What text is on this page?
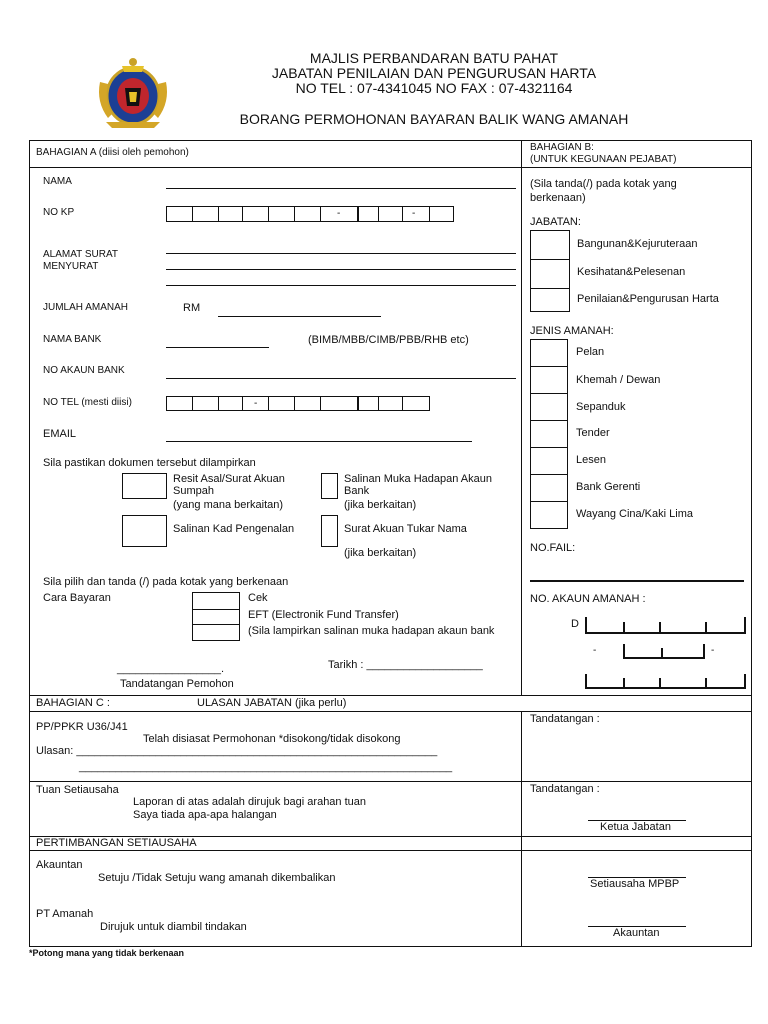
MAJLIS PERBANDARAN BATU PAHAT
JABATAN PENILAIAN DAN PENGURUSAN HARTA
NO TEL : 07-4341045 NO FAX : 07-4321164
BORANG PERMOHONAN BAYARAN BALIK WANG AMANAH
BAHAGIAN A (diisi oleh pemohon)
NAMA
NO KP	-	-
ALAMAT SURAT
MENYURAT
JUMLAH AMANAH	RM
NAMA BANK	(BIMB/MBB/CIMB/PBB/RHB etc)
NO AKAUN BANK
NO TEL (mesti diisi)	-
EMAIL
Sila pastikan dokumen tersebut dilampirkan
Resit Asal/Surat Akuan
Sumpah
(yang mana berkaitan)
Salinan Muka Hadapan Akaun
Bank
(jika berkaitan)
Salinan Kad Pengenalan	Surat Akuan Tukar Nama
(jika berkaitan)
Sila pilih dan tanda (/) pada kotak yang berkenaan
Cara Bayaran	Cek
EFT (Electronik Fund Transfer)
(Sila lampirkan salinan muka hadapan akaun bank
_________________.	Tarikh : ___________________
Tandatangan Pemohon
BAHAGIAN B:
(UNTUK KEGUNAAN PEJABAT)
(Sila tanda(/) pada kotak yang
berkenaan)
JABATAN:
Bangunan&Kejuruteraan
Kesihatan&Pelesenan
Penilaian&Pengurusan Harta
JENIS AMANAH:
Pelan
Khemah / Dewan
Sepanduk
Tender
Lesen
Bank Gerenti
Wayang Cina/Kaki Lima
NO.FAIL:
NO. AKAUN AMANAH :
D
-	-
BAHAGIAN C :	ULASAN JABATAN (jika perlu)
PP/PPKR U36/J41
Telah disiasat Permohonan *disokong/tidak disokong
Ulasan: ___________________________________________________________
_____________________________________________________________
Tandatangan :
Tuan Setiausaha
Laporan di atas adalah dirujuk bagi arahan tuan
Saya tiada apa-apa halangan
Tandatangan :
Ketua Jabatan
PERTIMBANGAN SETIAUSAHA
Akauntan
Setuju /Tidak Setuju wang amanah dikembalikan	Setiausaha MPBP
PT Amanah
Dirujuk untuk diambil tindakan	Akauntan
*Potong mana yang tidak berkenaan
